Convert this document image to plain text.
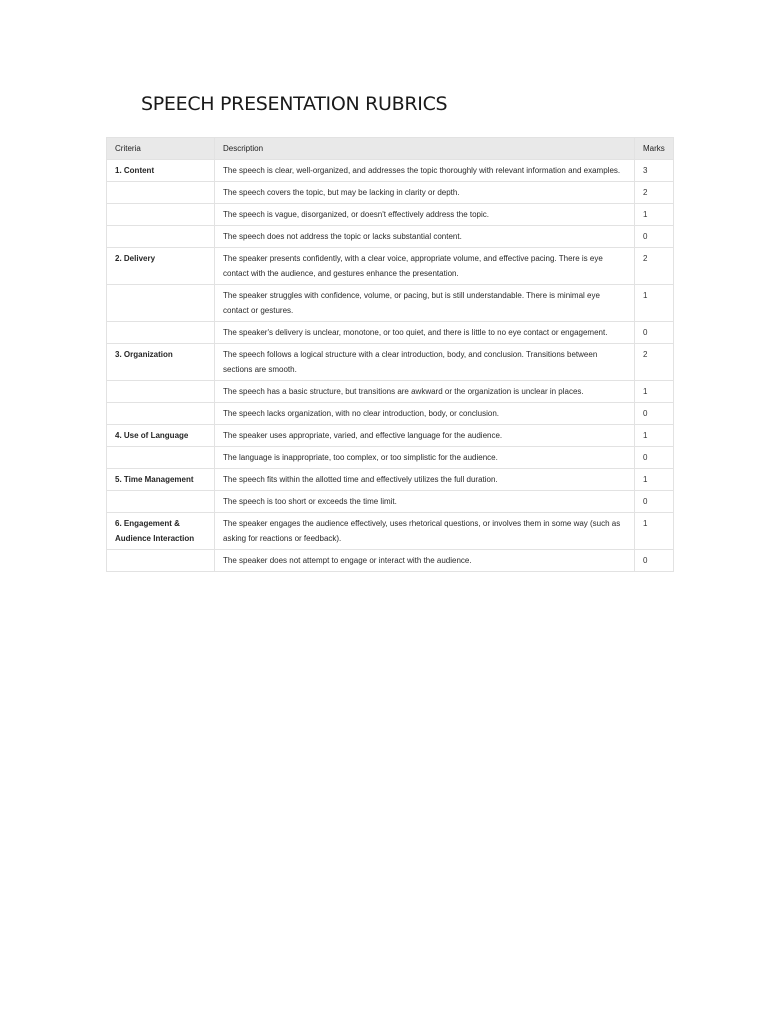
SPEECH PRESENTATION RUBRICS
Criteria	Description	Marks
1. Content	The speech is clear, well-organized, and addresses the topic thoroughly with relevant information and examples.	3
	The speech covers the topic, but may be lacking in clarity or depth.	2
	The speech is vague, disorganized, or doesn't effectively address the topic.	1
	The speech does not address the topic or lacks substantial content.	0
2. Delivery	The speaker presents confidently, with a clear voice, appropriate volume, and effective pacing. There is eye contact with the audience, and gestures enhance the presentation.	2
	The speaker struggles with confidence, volume, or pacing, but is still understandable. There is minimal eye contact or gestures.	1
	The speaker's delivery is unclear, monotone, or too quiet, and there is little to no eye contact or engagement.	0
3. Organization	The speech follows a logical structure with a clear introduction, body, and conclusion. Transitions between sections are smooth.	2
	The speech has a basic structure, but transitions are awkward or the organization is unclear in places.	1
	The speech lacks organization, with no clear introduction, body, or conclusion.	0
4. Use of Language	The speaker uses appropriate, varied, and effective language for the audience.	1
	The language is inappropriate, too complex, or too simplistic for the audience.	0
5. Time Management	The speech fits within the allotted time and effectively utilizes the full duration.	1
	The speech is too short or exceeds the time limit.	0
6. Engagement & Audience Interaction	The speaker engages the audience effectively, uses rhetorical questions, or involves them in some way (such as asking for reactions or feedback).	1
	The speaker does not attempt to engage or interact with the audience.	0
